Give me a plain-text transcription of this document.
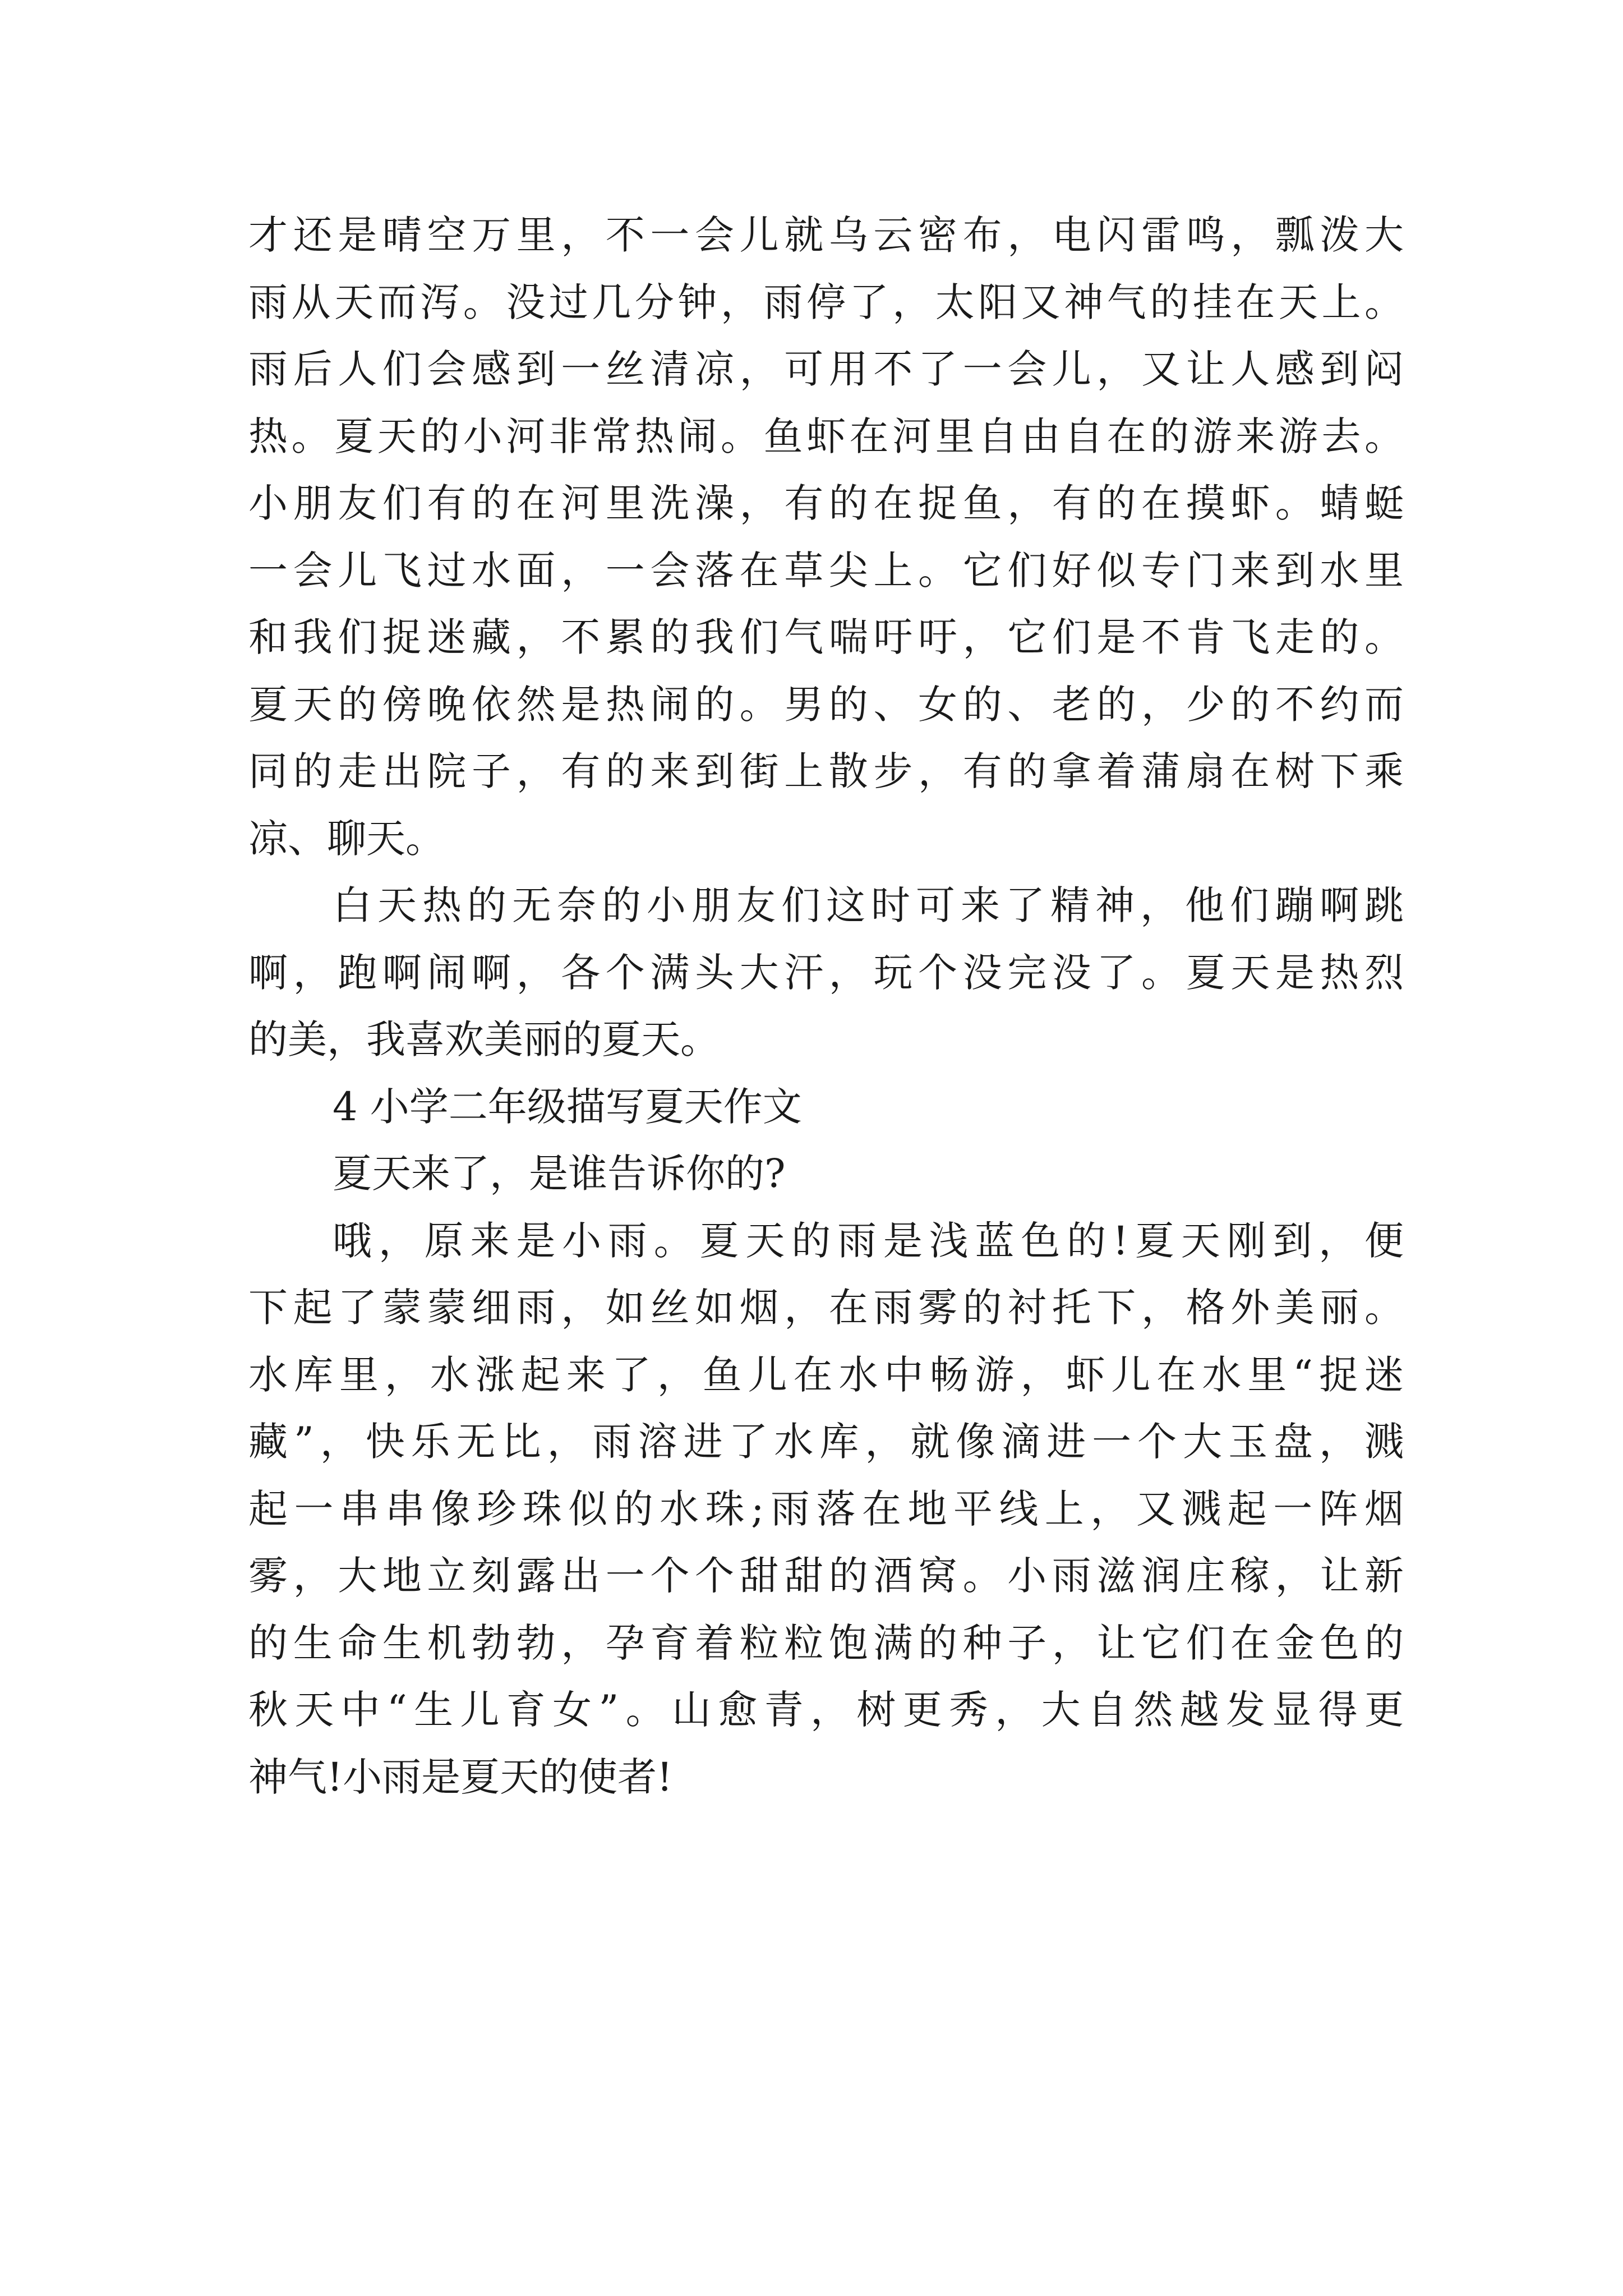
才还是晴空万里，不一会儿就乌云密布，电闪雷鸣，瓢泼大
雨从天而泻。没过几分钟，雨停了，太阳又神气的挂在天上。
雨后人们会感到一丝清凉，可用不了一会儿，又让人感到闷
热。夏天的小河非常热闹。鱼虾在河里自由自在的游来游去。
小朋友们有的在河里洗澡，有的在捉鱼，有的在摸虾。蜻蜓
一会儿飞过水面，一会落在草尖上。它们好似专门来到水里
和我们捉迷藏，不累的我们气喘吁吁，它们是不肯飞走的。
夏天的傍晚依然是热闹的。男的、女的、老的，少的不约而
同的走出院子，有的来到街上散步，有的拿着蒲扇在树下乘
凉、聊天。
白天热的无奈的小朋友们这时可来了精神，他们蹦啊跳
啊，跑啊闹啊，各个满头大汗，玩个没完没了。夏天是热烈
的美，我喜欢美丽的夏天。
4 小学二年级描写夏天作文
夏天来了，是谁告诉你的?
哦，原来是小雨。夏天的雨是浅蓝色的!夏天刚到，便
下起了蒙蒙细雨，如丝如烟，在雨雾的衬托下，格外美丽。
水库里，水涨起来了，鱼儿在水中畅游，虾儿在水里“捉迷
藏”，快乐无比，雨溶进了水库，就像滴进一个大玉盘，溅
起一串串像珍珠似的水珠;雨落在地平线上，又溅起一阵烟
雾，大地立刻露出一个个甜甜的酒窝。小雨滋润庄稼，让新
的生命生机勃勃，孕育着粒粒饱满的种子，让它们在金色的
秋天中“生儿育女”。山愈青，树更秀，大自然越发显得更
神气!小雨是夏天的使者!
